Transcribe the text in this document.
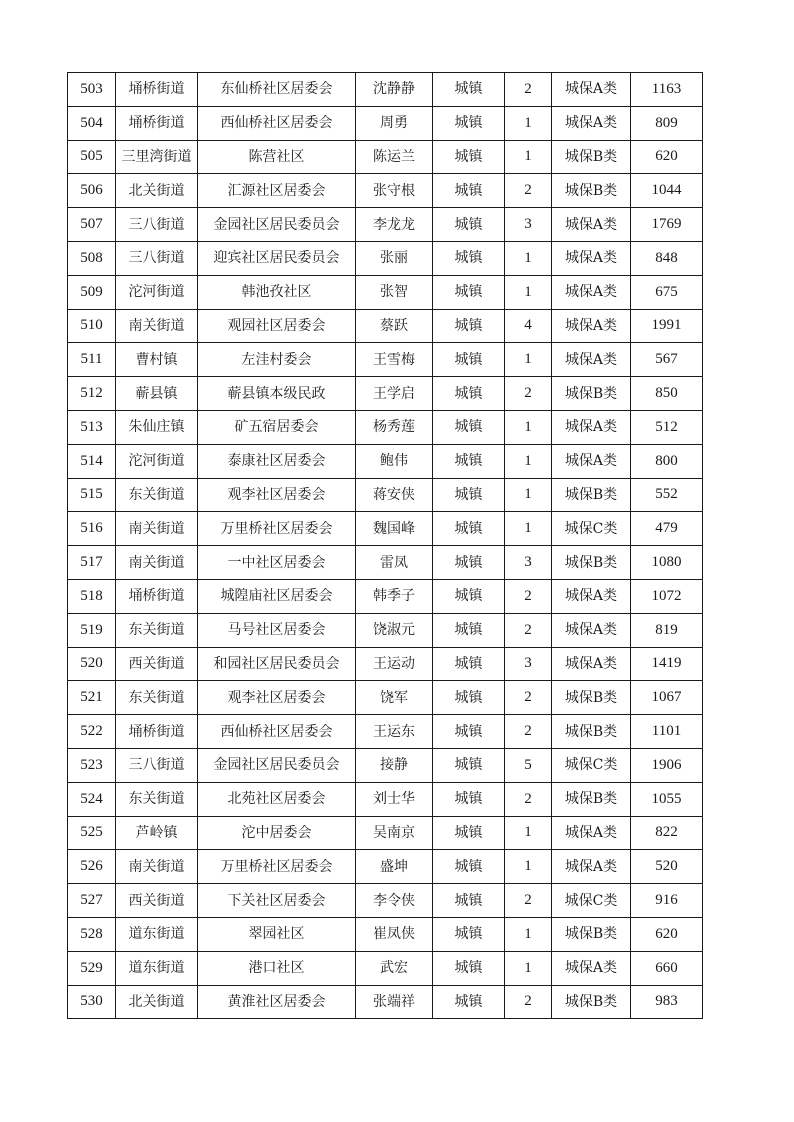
503	埇桥街道	东仙桥社区居委会	沈静静	城镇	2	城保A类	1163
504	埇桥街道	西仙桥社区居委会	周勇	城镇	1	城保A类	809
505	三里湾街道	陈营社区	陈运兰	城镇	1	城保B类	620
506	北关街道	汇源社区居委会	张守根	城镇	2	城保B类	1044
507	三八街道	金园社区居民委员会	李龙龙	城镇	3	城保A类	1769
508	三八街道	迎宾社区居民委员会	张丽	城镇	1	城保A类	848
509	沱河街道	韩池孜社区	张智	城镇	1	城保A类	675
510	南关街道	观园社区居委会	蔡跃	城镇	4	城保A类	1991
511	曹村镇	左洼村委会	王雪梅	城镇	1	城保A类	567
512	蕲县镇	蕲县镇本级民政	王学启	城镇	2	城保B类	850
513	朱仙庄镇	矿五宿居委会	杨秀莲	城镇	1	城保A类	512
514	沱河街道	泰康社区居委会	鲍伟	城镇	1	城保A类	800
515	东关街道	观李社区居委会	蒋安侠	城镇	1	城保B类	552
516	南关街道	万里桥社区居委会	魏国峰	城镇	1	城保C类	479
517	南关街道	一中社区居委会	雷凤	城镇	3	城保B类	1080
518	埇桥街道	城隍庙社区居委会	韩季子	城镇	2	城保A类	1072
519	东关街道	马号社区居委会	饶淑元	城镇	2	城保A类	819
520	西关街道	和园社区居民委员会	王运动	城镇	3	城保A类	1419
521	东关街道	观李社区居委会	饶军	城镇	2	城保B类	1067
522	埇桥街道	西仙桥社区居委会	王运东	城镇	2	城保B类	1101
523	三八街道	金园社区居民委员会	接静	城镇	5	城保C类	1906
524	东关街道	北苑社区居委会	刘士华	城镇	2	城保B类	1055
525	芦岭镇	沱中居委会	吴南京	城镇	1	城保A类	822
526	南关街道	万里桥社区居委会	盛坤	城镇	1	城保A类	520
527	西关街道	下关社区居委会	李令侠	城镇	2	城保C类	916
528	道东街道	翠园社区	崔凤侠	城镇	1	城保B类	620
529	道东街道	港口社区	武宏	城镇	1	城保A类	660
530	北关街道	黄淮社区居委会	张端祥	城镇	2	城保B类	983
